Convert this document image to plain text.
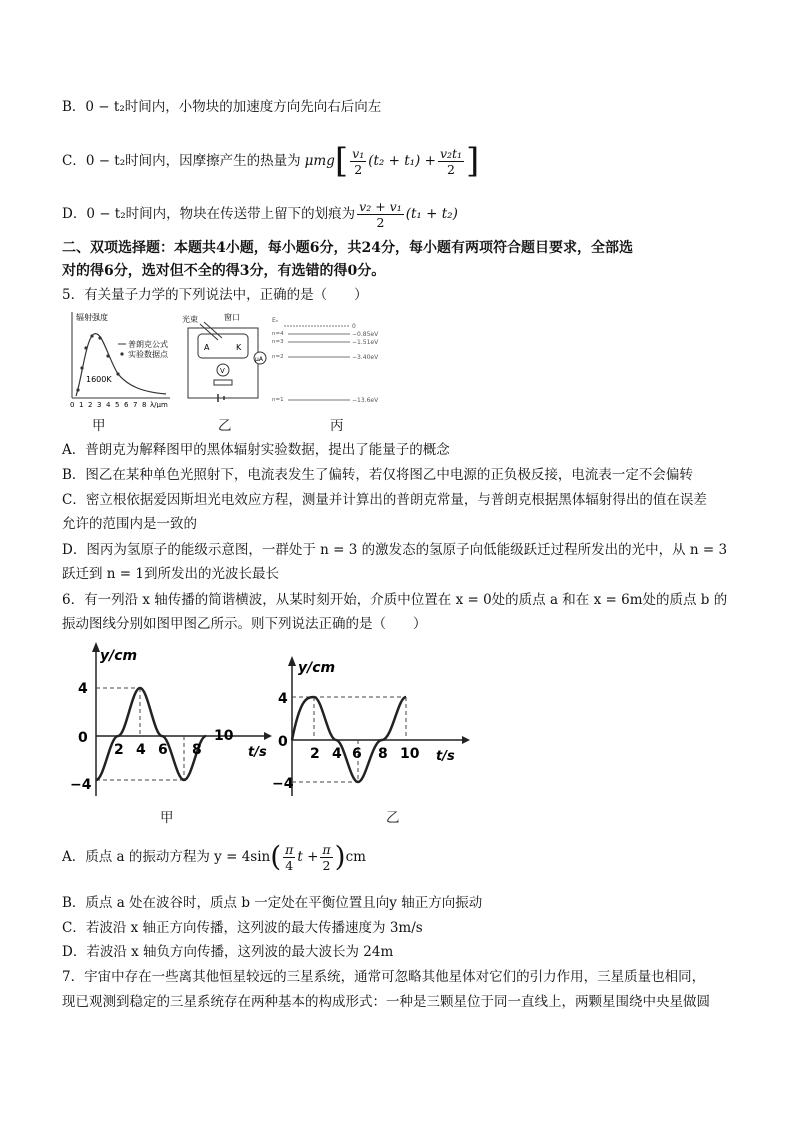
B．0 − t₂时间内，小物块的加速度方向先向右后向左
C．0 − t₂时间内，因摩擦产生的热量为 μmg [ $\frac{\text{v₁}}{2} (t_2 + t_1) + \frac{\text{v₂t₁}}{2}$ ]
D．0 − t₂时间内，物块在传送带上留下的划痕为 $\frac{\text{v₂ + v₁}}{2} (t_1 + t_2)$
二、双项选择题：本题共4小题，每小题6分，共24分，每小题有两项符合题目要求，全部选
对的得6分，选对但不全的得3分，有选错的得0分。
5．有关量子力学的下列说法中，正确的是（　　）
辐射强度
普朗克公式
实验数据点
1600K
0 1 2 3 4 5 6 7 8 λ/μm
光束	窗口
A	K
μA
V
Eₙ
0
n=4	−0.85eV
n=3	−1.51eV
n=2	−3.40eV
n=1	−13.6eV
甲	乙	丙
A．普朗克为解释图甲的黑体辐射实验数据，提出了能量子的概念
B．图乙在某种单色光照射下，电流表发生了偏转，若仅将图乙中电源的正负极反接，电流表一定不会偏转
C．密立根依据爱因斯坦光电效应方程，测量并计算出的普朗克常量，与普朗克根据黑体辐射得出的值在误差
允许的范围内是一致的
D．图丙为氢原子的能级示意图，一群处于 n = 3 的激发态的氢原子向低能级跃迁过程所发出的光中，从 n = 3
跃迁到 n = 1到所发出的光波长最长
6．有一列沿 x 轴传播的简谐横波，从某时刻开始，介质中位置在 x = 0处的质点 a 和在 x = 6m处的质点 b 的
振动图线分别如图甲图乙所示。则下列说法正确的是（　　）
y/cm
t/s
4
0
−4
2 4 6 8
10
y/cm
t/s
4
0
−4
2 4 6 8 10
甲	乙
A．质点 a 的振动方程为 y = 4sin ( $\frac{\pi}{4}$ $t + \frac{\pi}{2}$ ) cm
B．质点 a 处在波谷时，质点 b 一定处在平衡位置且向y 轴正方向振动
C．若波沿 x 轴正方向传播，这列波的最大传播速度为 3m/s
D．若波沿 x 轴负方向传播，这列波的最大波长为 24m
7．宇宙中存在一些离其他恒星较远的三星系统，通常可忽略其他星体对它们的引力作用，三星质量也相同，
现已观测到稳定的三星系统存在两种基本的构成形式：一种是三颗星位于同一直线上，两颗星围绕中央星做圆
